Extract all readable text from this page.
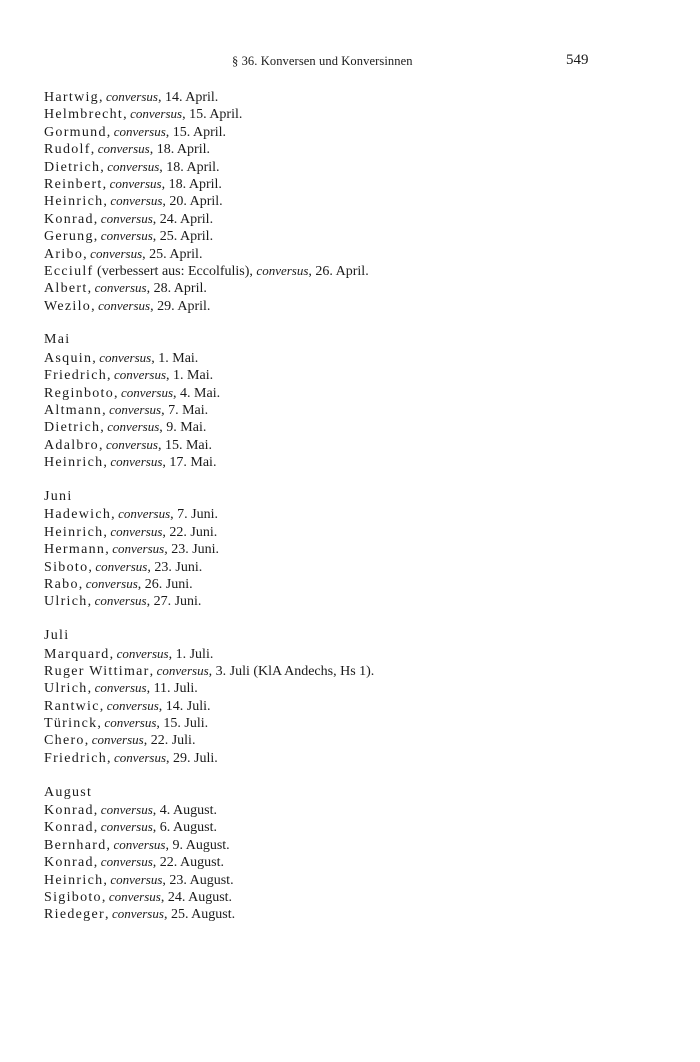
§ 36. Konversen und Konversinnen	549
Hartwig, conversus, 14. April.
Helmbrecht, conversus, 15. April.
Gormund, conversus, 15. April.
Rudolf, conversus, 18. April.
Dietrich, conversus, 18. April.
Reinbert, conversus, 18. April.
Heinrich, conversus, 20. April.
Konrad, conversus, 24. April.
Gerung, conversus, 25. April.
Aribo, conversus, 25. April.
Ecciulf (verbessert aus: Eccolfulis), conversus, 26. April.
Albert, conversus, 28. April.
Wezilo, conversus, 29. April.
Mai
Asquin, conversus, 1. Mai.
Friedrich, conversus, 1. Mai.
Reginboto, conversus, 4. Mai.
Altmann, conversus, 7. Mai.
Dietrich, conversus, 9. Mai.
Adalbro, conversus, 15. Mai.
Heinrich, conversus, 17. Mai.
Juni
Hadewich, conversus, 7. Juni.
Heinrich, conversus, 22. Juni.
Hermann, conversus, 23. Juni.
Siboto, conversus, 23. Juni.
Rabo, conversus, 26. Juni.
Ulrich, conversus, 27. Juni.
Juli
Marquard, conversus, 1. Juli.
Ruger Wittimar, conversus, 3. Juli (KlA Andechs, Hs 1).
Ulrich, conversus, 11. Juli.
Rantwic, conversus, 14. Juli.
Türinck, conversus, 15. Juli.
Chero, conversus, 22. Juli.
Friedrich, conversus, 29. Juli.
August
Konrad, conversus, 4. August.
Konrad, conversus, 6. August.
Bernhard, conversus, 9. August.
Konrad, conversus, 22. August.
Heinrich, conversus, 23. August.
Sigiboto, conversus, 24. August.
Riedeger, conversus, 25. August.
